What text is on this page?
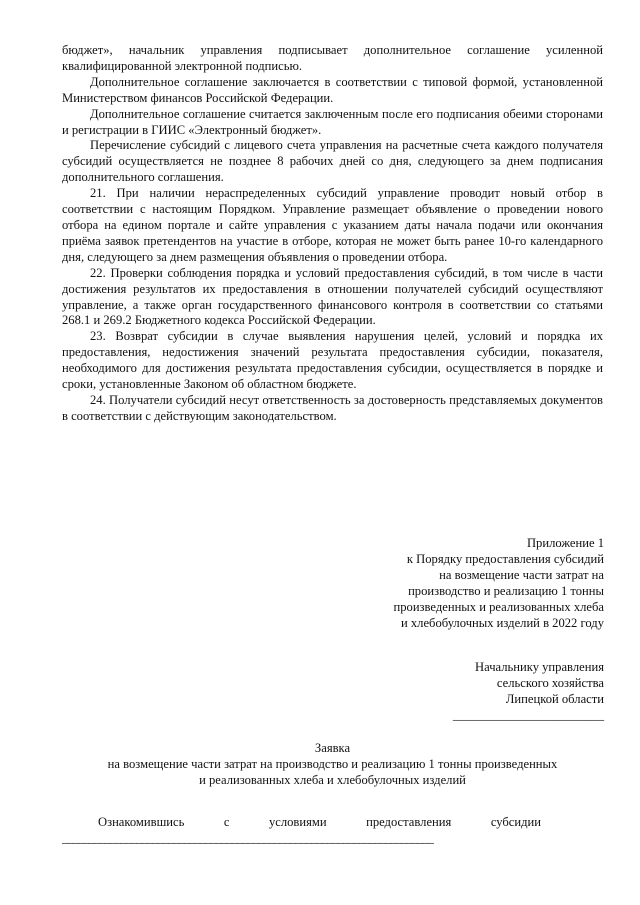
бюджет», начальник управления подписывает дополнительное соглашение усиленной квалифицированной электронной подписью.

Дополнительное соглашение заключается в соответствии с типовой формой, установленной Министерством финансов Российской Федерации.

Дополнительное соглашение считается заключенным после его подписания обеими сторонами и регистрации в ГИИС «Электронный бюджет».

Перечисление субсидий с лицевого счета управления на расчетные счета каждого получателя субсидий осуществляется не позднее 8 рабочих дней со дня, следующего за днем подписания дополнительного соглашения.

21. При наличии нераспределенных субсидий управление проводит новый отбор в соответствии с настоящим Порядком. Управление размещает объявление о проведении нового отбора на едином портале и сайте управления с указанием даты начала подачи или окончания приёма заявок претендентов на участие в отборе, которая не может быть ранее 10-го календарного дня, следующего за днем размещения объявления о проведении отбора.

22. Проверки соблюдения порядка и условий предоставления субсидий, в том числе в части достижения результатов их предоставления в отношении получателей субсидий осуществляют управление, а также орган государственного финансового контроля в соответствии со статьями 268.1 и 269.2 Бюджетного кодекса Российской Федерации.

23. Возврат субсидии в случае выявления нарушения целей, условий и порядка их предоставления, недостижения значений результата предоставления субсидии, показателя, необходимого для достижения результата предоставления субсидии, осуществляется в порядке и сроки, установленные Законом об областном бюджете.

24. Получатели субсидий несут ответственность за достоверность представляемых документов в соответствии с действующим законодательством.

Приложение 1
к Порядку предоставления субсидий
на возмещение части затрат на
производство и реализацию 1 тонны
произведенных и реализованных хлеба
и хлебобулочных изделий в 2022 году
Начальнику управления
сельского хозяйства
Липецкой области
________________________
Заявка
на возмещение части затрат на производство и реализацию 1 тонны произведенных
и реализованных хлеба и хлебобулочных изделий
Ознакомившись	с	условиями	предоставления	субсидии
______________________________________________________________________
